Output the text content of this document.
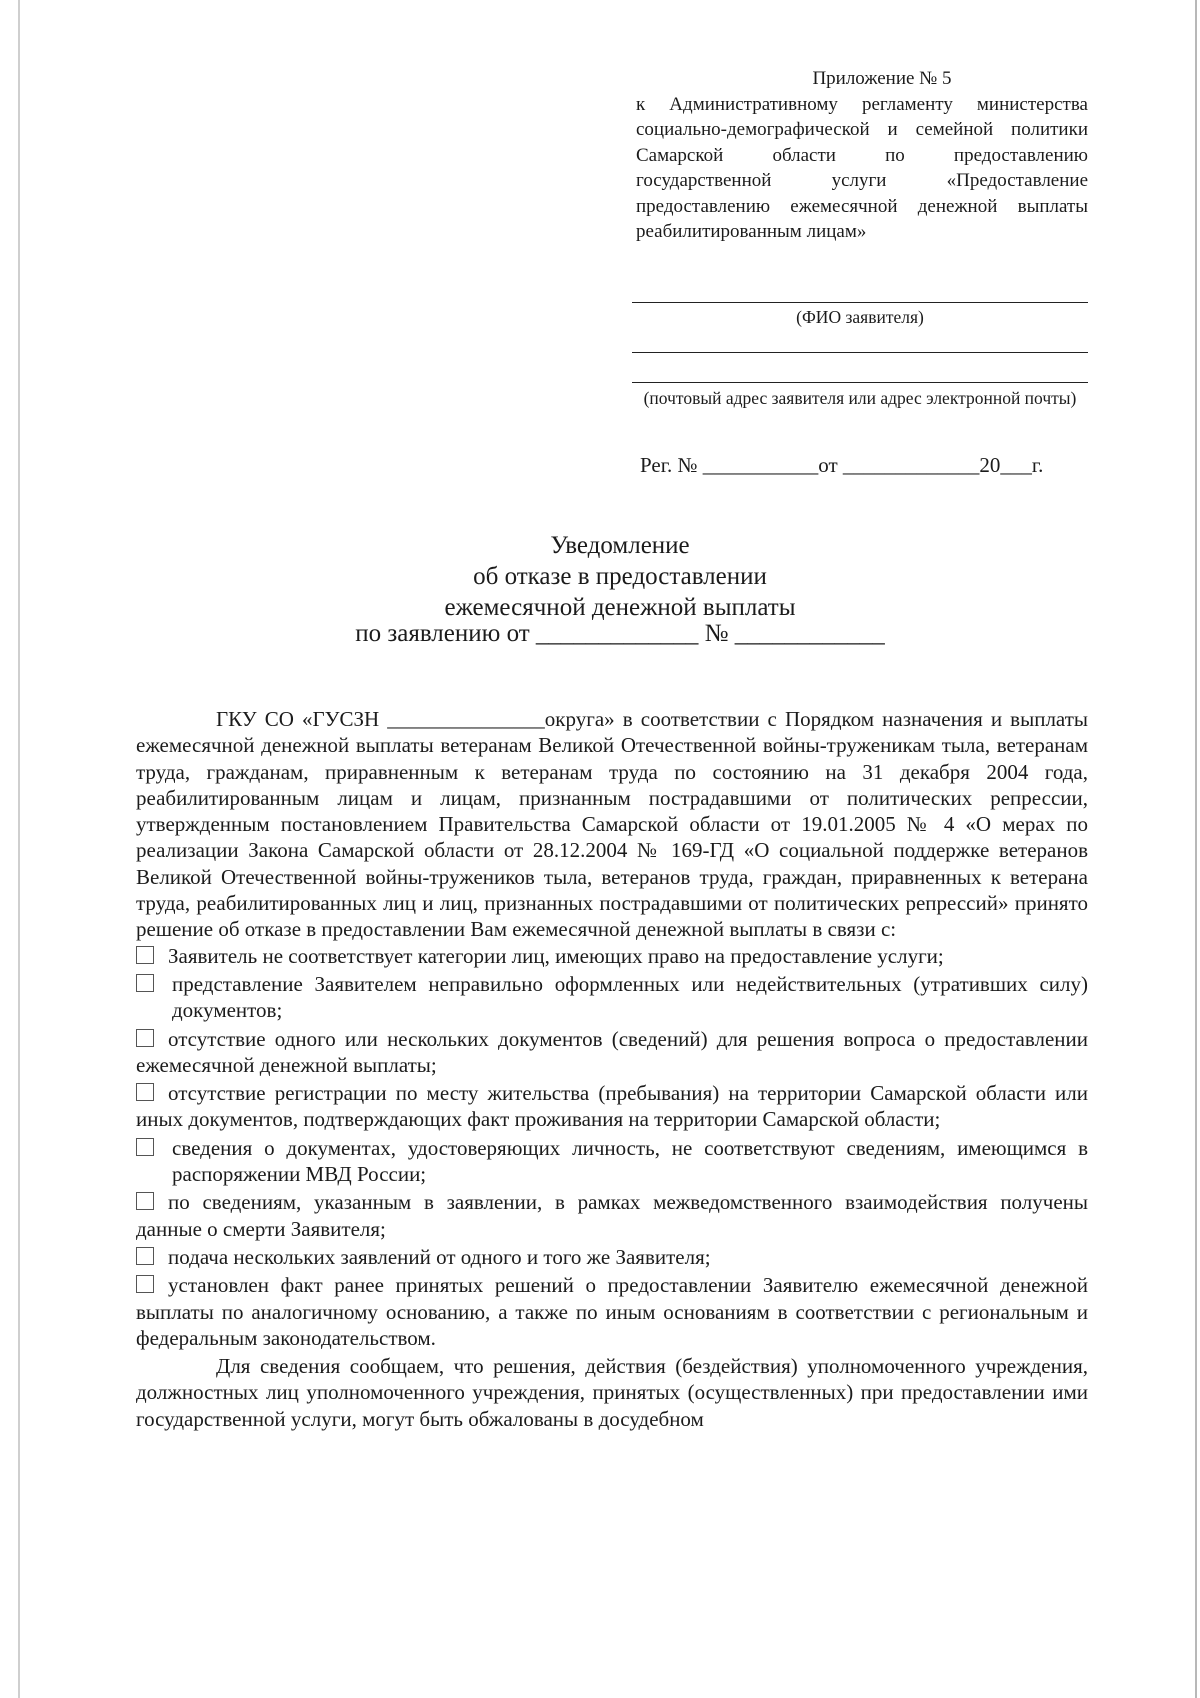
Приложение № 5
к Административному регламенту министерства социально-демографической и семейной политики Самарской области по предоставлению государственной услуги «Предоставление предоставлению ежемесячной денежной выплаты реабилитированным лицам»
(ФИО заявителя)
(почтовый адрес заявителя или адрес электронной почты)
Рег. № ___________от _____________20___г.
Уведомление
об отказе в предоставлении
ежемесячной денежной выплаты
по заявлению от _____________ № ____________

ГКУ СО «ГУСЗН _______________округа» в соответствии с Порядком назначения и выплаты ежемесячной денежной выплаты ветеранам Великой Отечественной войны-труженикам тыла, ветеранам труда, гражданам, приравненным к ветеранам труда по состоянию на 31 декабря 2004 года, реабилитированным лицам и лицам, признанным пострадавшими от политических репрессии, утвержденным постановлением Правительства Самарской области от 19.01.2005 № 4 «О мерах по реализации Закона Самарской области от 28.12.2004 № 169-ГД «О социальной поддержке ветеранов Великой Отечественной войны-тружеников тыла, ветеранов труда, граждан, приравненных к ветерана труда, реабилитированных лиц и лиц, признанных пострадавшими от политических репрессий» принято решение об отказе в предоставлении Вам ежемесячной денежной выплаты в связи с:

Заявитель не соответствует категории лиц, имеющих право на предоставление услуги;
представление Заявителем неправильно оформленных или недействительных (утративших силу) документов;
отсутствие одного или нескольких документов (сведений) для решения вопроса о предоставлении ежемесячной денежной выплаты;
отсутствие регистрации по месту жительства (пребывания) на территории Самарской области или иных документов, подтверждающих факт проживания на территории Самарской области;
сведения о документах, удостоверяющих личность, не соответствуют сведениям, имеющимся в распоряжении МВД России;
по сведениям, указанным в заявлении, в рамках межведомственного взаимодействия получены данные о смерти Заявителя;
подача нескольких заявлений от одного и того же Заявителя;
установлен факт ранее принятых решений о предоставлении Заявителю ежемесячной денежной выплаты по аналогичному основанию, а также по иным основаниям в соответствии с региональным и федеральным законодательством.

Для сведения сообщаем, что решения, действия (бездействия) уполномоченного учреждения, должностных лиц уполномоченного учреждения, принятых (осуществленных) при предоставлении ими государственной услуги, могут быть обжалованы в досудебном
